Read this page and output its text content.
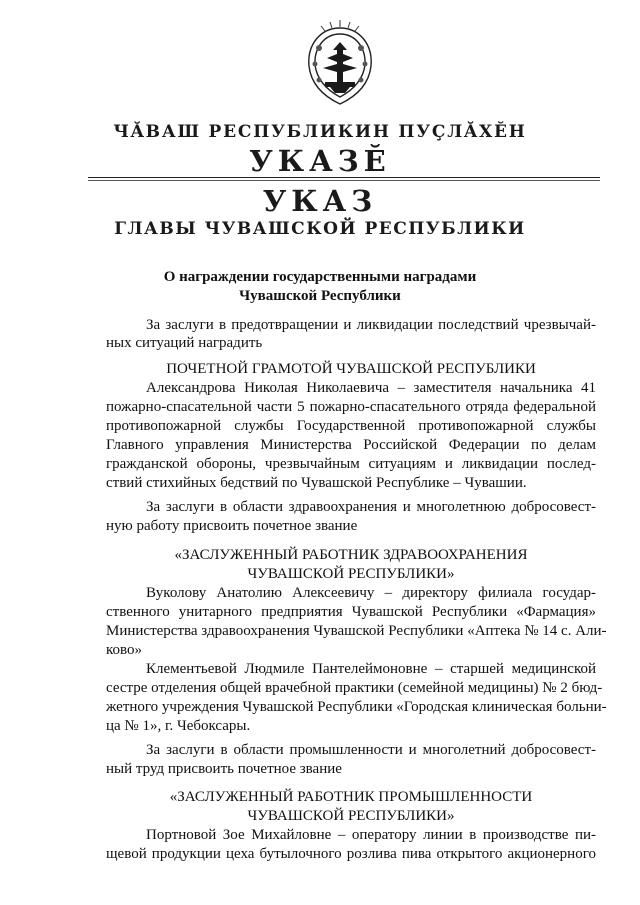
ЧĂВАШ РЕСПУБЛИКИН ПУÇЛĂХĔН
УКАЗĔ
УКАЗ
ГЛАВЫ ЧУВАШСКОЙ РЕСПУБЛИКИ
О награждении государственными наградами
Чувашской Республики
За заслуги в предотвращении и ликвидации последствий чрезвычай-
ных ситуаций наградить
ПОЧЕТНОЙ ГРАМОТОЙ ЧУВАШСКОЙ РЕСПУБЛИКИ
Александрова Николая Николаевича – заместителя начальника 41
пожарно-спасательной части 5 пожарно-спасательного отряда федеральной
противопожарной службы Государственной противопожарной службы
Главного управления Министерства Российской Федерации по делам
гражданской обороны, чрезвычайным ситуациям и ликвидации послед-
ствий стихийных бедствий по Чувашской Республике – Чувашии.
За заслуги в области здравоохранения и многолетнюю добросовест-
ную работу присвоить почетное звание
«ЗАСЛУЖЕННЫЙ РАБОТНИК ЗДРАВООХРАНЕНИЯ
ЧУВАШСКОЙ РЕСПУБЛИКИ»
Вуколову Анатолию Алексеевичу – директору филиала государ-
ственного унитарного предприятия Чувашской Республики «Фармация»
Министерства здравоохранения Чувашской Республики «Аптека № 14 с. Али-
ково»
Клементьевой Людмиле Пантелеймоновне – старшей медицинской
сестре отделения общей врачебной практики (семейной медицины) № 2 бюд-
жетного учреждения Чувашской Республики «Городская клиническая больни-
ца № 1», г. Чебоксары.
За заслуги в области промышленности и многолетний добросовест-
ный труд присвоить почетное звание
«ЗАСЛУЖЕННЫЙ РАБОТНИК ПРОМЫШЛЕННОСТИ
ЧУВАШСКОЙ РЕСПУБЛИКИ»
Портновой Зое Михайловне – оператору линии в производстве пи-
щевой продукции цеха бутылочного розлива пива открытого акционерного
